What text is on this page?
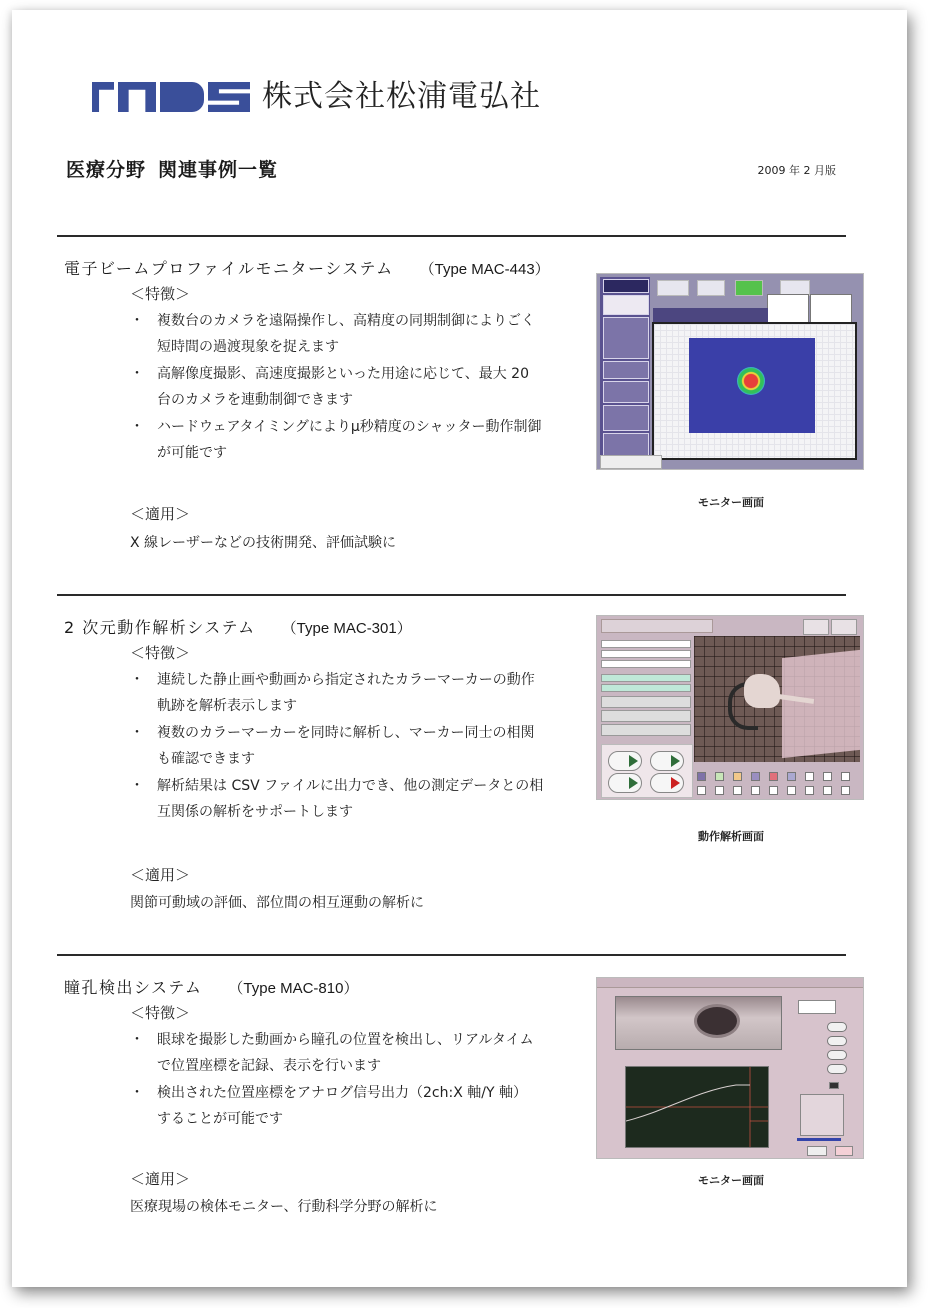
株式会社松浦電弘社
医療分野 関連事例一覧	2009 年 2 月版
電子ビームプロファイルモニターシステム （Type MAC-443）
＜特徴＞
・ 複数台のカメラを遠隔操作し、高精度の同期制御によりごく
短時間の過渡現象を捉えます
・ 高解像度撮影、高速度撮影といった用途に応じて、最大 20
台のカメラを連動制御できます
・ ハードウェアタイミングによりμ秒精度のシャッター動作制御
が可能です
＜適用＞
X 線レーザーなどの技術開発、評価試験に
モニター画面
2 次元動作解析システム （Type MAC-301）
＜特徴＞
・ 連続した静止画や動画から指定されたカラーマーカーの動作
軌跡を解析表示します
・ 複数のカラーマーカーを同時に解析し、マーカー同士の相関
も確認できます
・ 解析結果は CSV ファイルに出力でき、他の測定データとの相
互関係の解析をサポートします
＜適用＞
関節可動域の評価、部位間の相互運動の解析に
動作解析画面
瞳孔検出システム （Type MAC-810）
＜特徴＞
・ 眼球を撮影した動画から瞳孔の位置を検出し、リアルタイム
で位置座標を記録、表示を行います
・ 検出された位置座標をアナログ信号出力（2ch:X 軸/Y 軸）
することが可能です
＜適用＞
医療現場の検体モニター、行動科学分野の解析に
モニター画面
